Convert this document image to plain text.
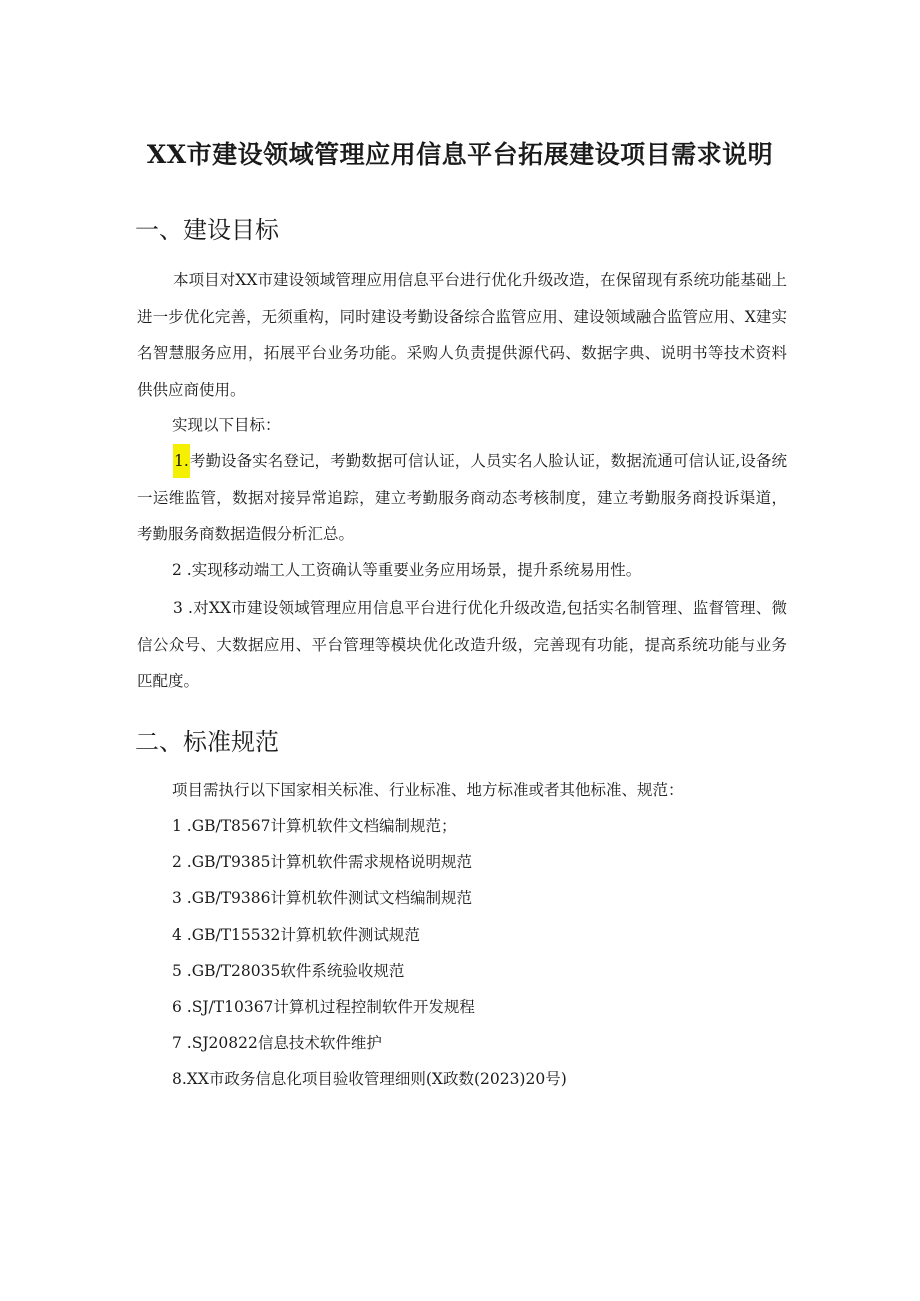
XX市建设领域管理应用信息平台拓展建设项目需求说明
一、建设目标
本项目对XX市建设领域管理应用信息平台进行优化升级改造，在保留现有系统功能基础上进一步优化完善，无须重构，同时建设考勤设备综合监管应用、建设领域融合监管应用、X建实名智慧服务应用，拓展平台业务功能。采购人负责提供源代码、数据字典、说明书等技术资料供供应商使用。
实现以下目标：
1.考勤设备实名登记，考勤数据可信认证，人员实名人脸认证，数据流通可信认证,设备统一运维监管，数据对接异常追踪，建立考勤服务商动态考核制度，建立考勤服务商投诉渠道，考勤服务商数据造假分析汇总。
2 .实现移动端工人工资确认等重要业务应用场景，提升系统易用性。
3 .对XX市建设领域管理应用信息平台进行优化升级改造,包括实名制管理、监督管理、微信公众号、大数据应用、平台管理等模块优化改造升级，完善现有功能，提高系统功能与业务匹配度。
二、标准规范
项目需执行以下国家相关标准、行业标准、地方标准或者其他标准、规范：
1 .GB/T8567计算机软件文档编制规范；
2 .GB/T9385计算机软件需求规格说明规范
3 .GB/T9386计算机软件测试文档编制规范
4 .GB/T15532计算机软件测试规范
5 .GB/T28035软件系统验收规范
6 .SJ/T10367计算机过程控制软件开发规程
7 .SJ20822信息技术软件维护
8.XX市政务信息化项目验收管理细则(X政数(2023)20号)
